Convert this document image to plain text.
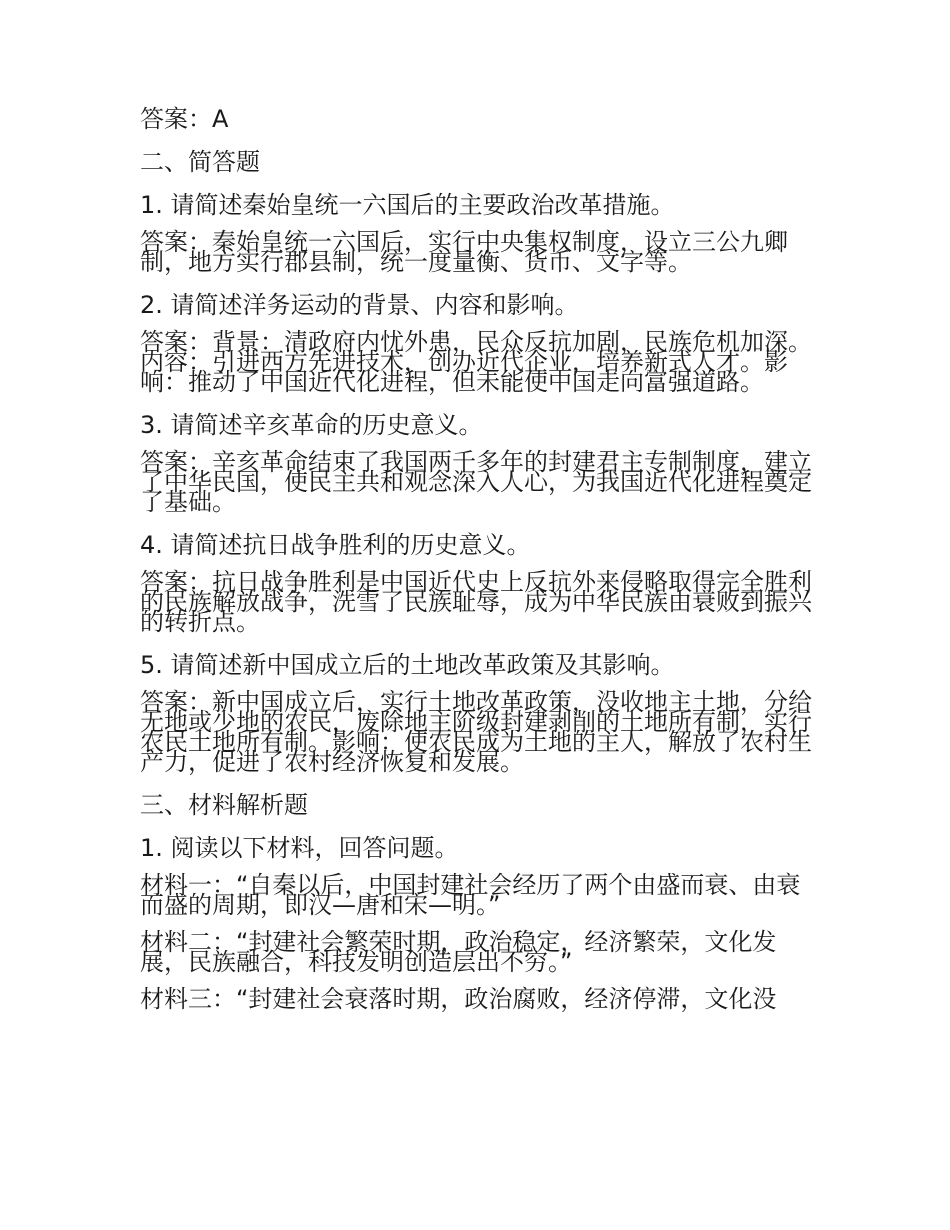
答案：A

二、简答题

1. 请简述秦始皇统一六国后的主要政治改革措施。

答案：秦始皇统一六国后，实行中央集权制度，设立三公九卿制，地方实行郡县制，统一度量衡、货币、文字等。

2. 请简述洋务运动的背景、内容和影响。

答案：背景：清政府内忧外患，民众反抗加剧，民族危机加深。内容：引进西方先进技术，创办近代企业，培养新式人才。影响：推动了中国近代化进程，但未能使中国走向富强道路。

3. 请简述辛亥革命的历史意义。

答案：辛亥革命结束了我国两千多年的封建君主专制制度，建立了中华民国，使民主共和观念深入人心，为我国近代化进程奠定了基础。

4. 请简述抗日战争胜利的历史意义。

答案：抗日战争胜利是中国近代史上反抗外来侵略取得完全胜利的民族解放战争，洗雪了民族耻辱，成为中华民族由衰败到振兴的转折点。

5. 请简述新中国成立后的土地改革政策及其影响。

答案：新中国成立后，实行土地改革政策，没收地主土地，分给无地或少地的农民，废除地主阶级封建剥削的土地所有制，实行农民土地所有制。影响：使农民成为土地的主人，解放了农村生产力，促进了农村经济恢复和发展。

三、材料解析题

1. 阅读以下材料，回答问题。

材料一：“自秦以后，中国封建社会经历了两个由盛而衰、由衰而盛的周期，即汉—唐和宋—明。”

材料二：“封建社会繁荣时期，政治稳定，经济繁荣，文化发展，民族融合，科技发明创造层出不穷。”

材料三：“封建社会衰落时期，政治腐败，经济停滞，文化没
